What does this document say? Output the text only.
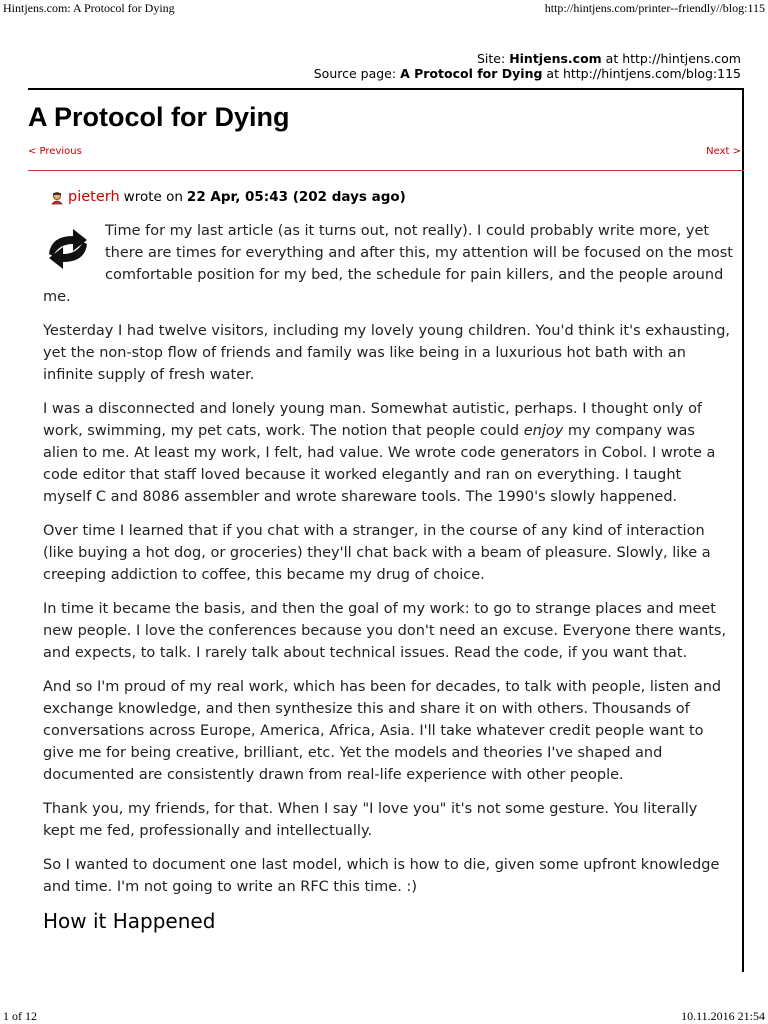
Hintjens.com: A Protocol for Dying	http://hintjens.com/printer--friendly//blog:115
Site: Hintjens.com at http://hintjens.com
Source page: A Protocol for Dying at http://hintjens.com/blog:115
A Protocol for Dying
< Previous	Next >
pieterh wrote on 22 Apr, 05:43 (202 days ago)

Time for my last article (as it turns out, not really). I could probably write more, yet there are times for everything and after this, my attention will be focused on the most comfortable position for my bed, the schedule for pain killers, and the people around me.

Yesterday I had twelve visitors, including my lovely young children. You'd think it's exhausting, yet the non-stop flow of friends and family was like being in a luxurious hot bath with an infinite supply of fresh water.

I was a disconnected and lonely young man. Somewhat autistic, perhaps. I thought only of work, swimming, my pet cats, work. The notion that people could enjoy my company was alien to me. At least my work, I felt, had value. We wrote code generators in Cobol. I wrote a code editor that staff loved because it worked elegantly and ran on everything. I taught myself C and 8086 assembler and wrote shareware tools. The 1990's slowly happened.

Over time I learned that if you chat with a stranger, in the course of any kind of interaction (like buying a hot dog, or groceries) they'll chat back with a beam of pleasure. Slowly, like a creeping addiction to coffee, this became my drug of choice.

In time it became the basis, and then the goal of my work: to go to strange places and meet new people. I love the conferences because you don't need an excuse. Everyone there wants, and expects, to talk. I rarely talk about technical issues. Read the code, if you want that.

And so I'm proud of my real work, which has been for decades, to talk with people, listen and exchange knowledge, and then synthesize this and share it on with others. Thousands of conversations across Europe, America, Africa, Asia. I'll take whatever credit people want to give me for being creative, brilliant, etc. Yet the models and theories I've shaped and documented are consistently drawn from real-life experience with other people.

Thank you, my friends, for that. When I say "I love you" it's not some gesture. You literally kept me fed, professionally and intellectually.

So I wanted to document one last model, which is how to die, given some upfront knowledge and time. I'm not going to write an RFC this time. :)

How it Happened
1 of 12	10.11.2016 21:54
